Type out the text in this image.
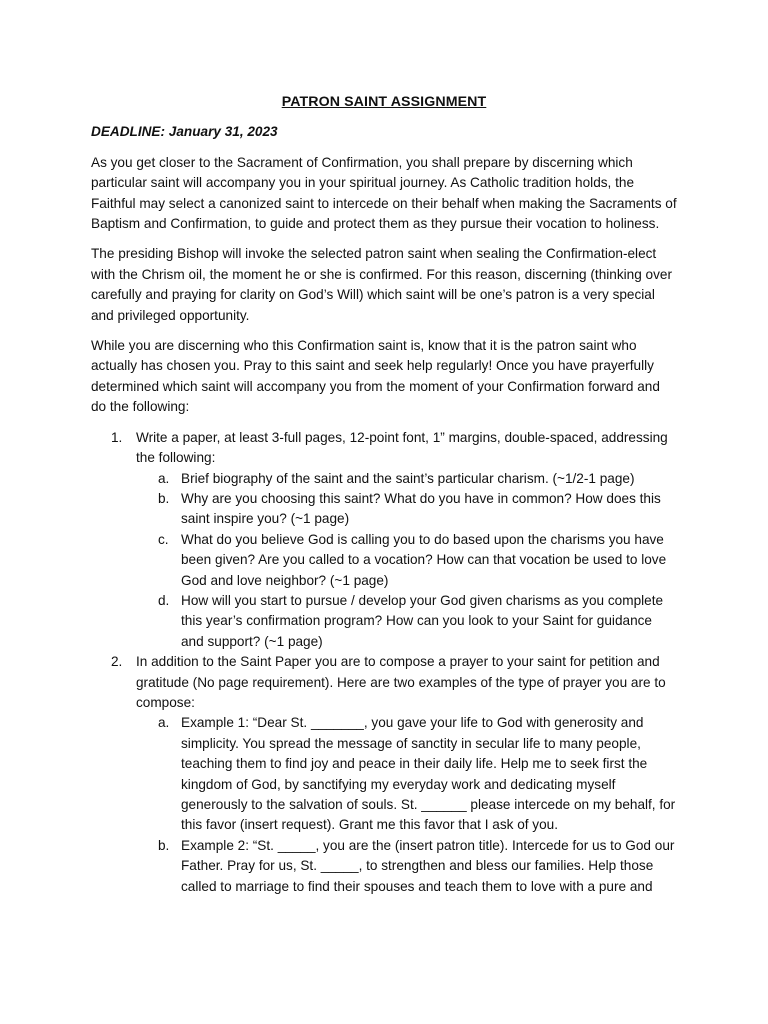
PATRON SAINT ASSIGNMENT
DEADLINE: January 31, 2023

As you get closer to the Sacrament of Confirmation, you shall prepare by discerning which particular saint will accompany you in your spiritual journey. As Catholic tradition holds, the Faithful may select a canonized saint to intercede on their behalf when making the Sacraments of Baptism and Confirmation, to guide and protect them as they pursue their vocation to holiness.

The presiding Bishop will invoke the selected patron saint when sealing the Confirmation-elect with the Chrism oil, the moment he or she is confirmed. For this reason, discerning (thinking over carefully and praying for clarity on God’s Will) which saint will be one’s patron is a very special and privileged opportunity.

While you are discerning who this Confirmation saint is, know that it is the patron saint who actually has chosen you. Pray to this saint and seek help regularly! Once you have prayerfully determined which saint will accompany you from the moment of your Confirmation forward and do the following:

1. Write a paper, at least 3-full pages, 12-point font, 1” margins, double-spaced, addressing the following:
a. Brief biography of the saint and the saint’s particular charism. (~1/2-1 page)
b. Why are you choosing this saint? What do you have in common? How does this saint inspire you? (~1 page)
c. What do you believe God is calling you to do based upon the charisms you have been given? Are you called to a vocation? How can that vocation be used to love God and love neighbor? (~1 page)
d. How will you start to pursue / develop your God given charisms as you complete this year’s confirmation program? How can you look to your Saint for guidance and support? (~1 page)
2. In addition to the Saint Paper you are to compose a prayer to your saint for petition and gratitude (No page requirement). Here are two examples of the type of prayer you are to compose:
a. Example 1: “Dear St. _______, you gave your life to God with generosity and simplicity. You spread the message of sanctity in secular life to many people, teaching them to find joy and peace in their daily life. Help me to seek first the kingdom of God, by sanctifying my everyday work and dedicating myself generously to the salvation of souls. St. ______ please intercede on my behalf, for this favor (insert request). Grant me this favor that I ask of you.
b. Example 2: “St. _____, you are the (insert patron title). Intercede for us to God our Father. Pray for us, St. _____, to strengthen and bless our families. Help those called to marriage to find their spouses and teach them to love with a pure and
